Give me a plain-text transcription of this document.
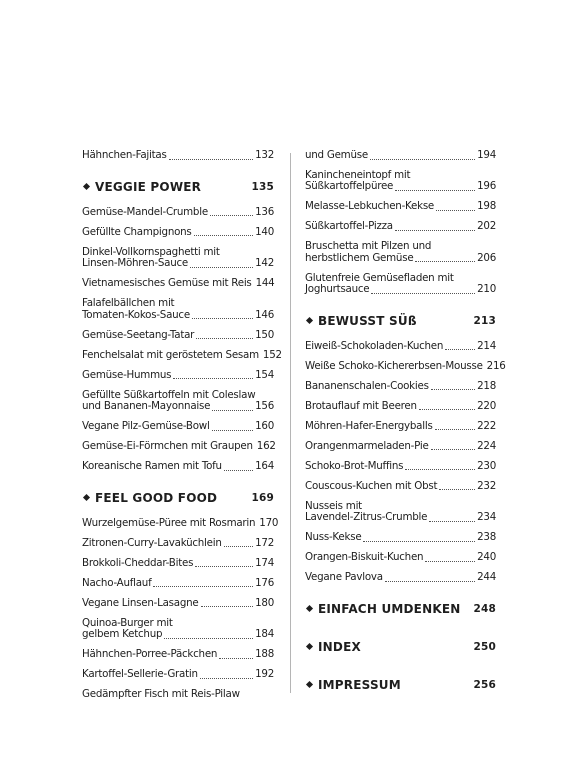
Hähnchen-Fajitas	132
VEGGIE POWER	135
Gemüse-Mandel-Crumble	136
Gefüllte Champignons	140
Dinkel-Vollkornspaghetti mit
Linsen-Möhren-Sauce	142
Vietnamesisches Gemüse mit Reis 144
Falafelbällchen mit
Tomaten-Kokos-Sauce	146
Gemüse-Seetang-Tatar	150
Fenchelsalat mit geröstetem Sesam 152
Gemüse-Hummus	154
Gefüllte Süßkartoffeln mit Coleslaw
und Bananen-Mayonnaise	156
Vegane Pilz-Gemüse-Bowl	160
Gemüse-Ei-Förmchen mit Graupen 162
Koreanische Ramen mit Tofu	164
FEEL GOOD FOOD	169
Wurzelgemüse-Püree mit Rosmarin 170
Zitronen-Curry-Lavaküchlein	172
Brokkoli-Cheddar-Bites	174
Nacho-Auflauf	176
Vegane Linsen-Lasagne	180
Quinoa-Burger mit
gelbem Ketchup	184
Hähnchen-Porree-Päckchen	188
Kartoffel-Sellerie-Gratin	192
Gedämpfter Fisch mit Reis-Pilaw
und Gemüse	194
Kanincheneintopf mit
Süßkartoffelpüree	196
Melasse-Lebkuchen-Kekse	198
Süßkartoffel-Pizza	202
Bruschetta mit Pilzen und
herbstlichem Gemüse	206
Glutenfreie Gemüsefladen mit
Joghurtsauce	210
BEWUSST SÜß	213
Eiweiß-Schokoladen-Kuchen	214
Weiße Schoko-Kichererbsen-Mousse 216
Bananenschalen-Cookies	218
Brotauflauf mit Beeren	220
Möhren-Hafer-Energyballs	222
Orangenmarmeladen-Pie	224
Schoko-Brot-Muffins	230
Couscous-Kuchen mit Obst	232
Nusseis mit
Lavendel-Zitrus-Crumble	234
Nuss-Kekse	238
Orangen-Biskuit-Kuchen	240
Vegane Pavlova	244
EINFACH UMDENKEN	248
INDEX	250
IMPRESSUM	256
